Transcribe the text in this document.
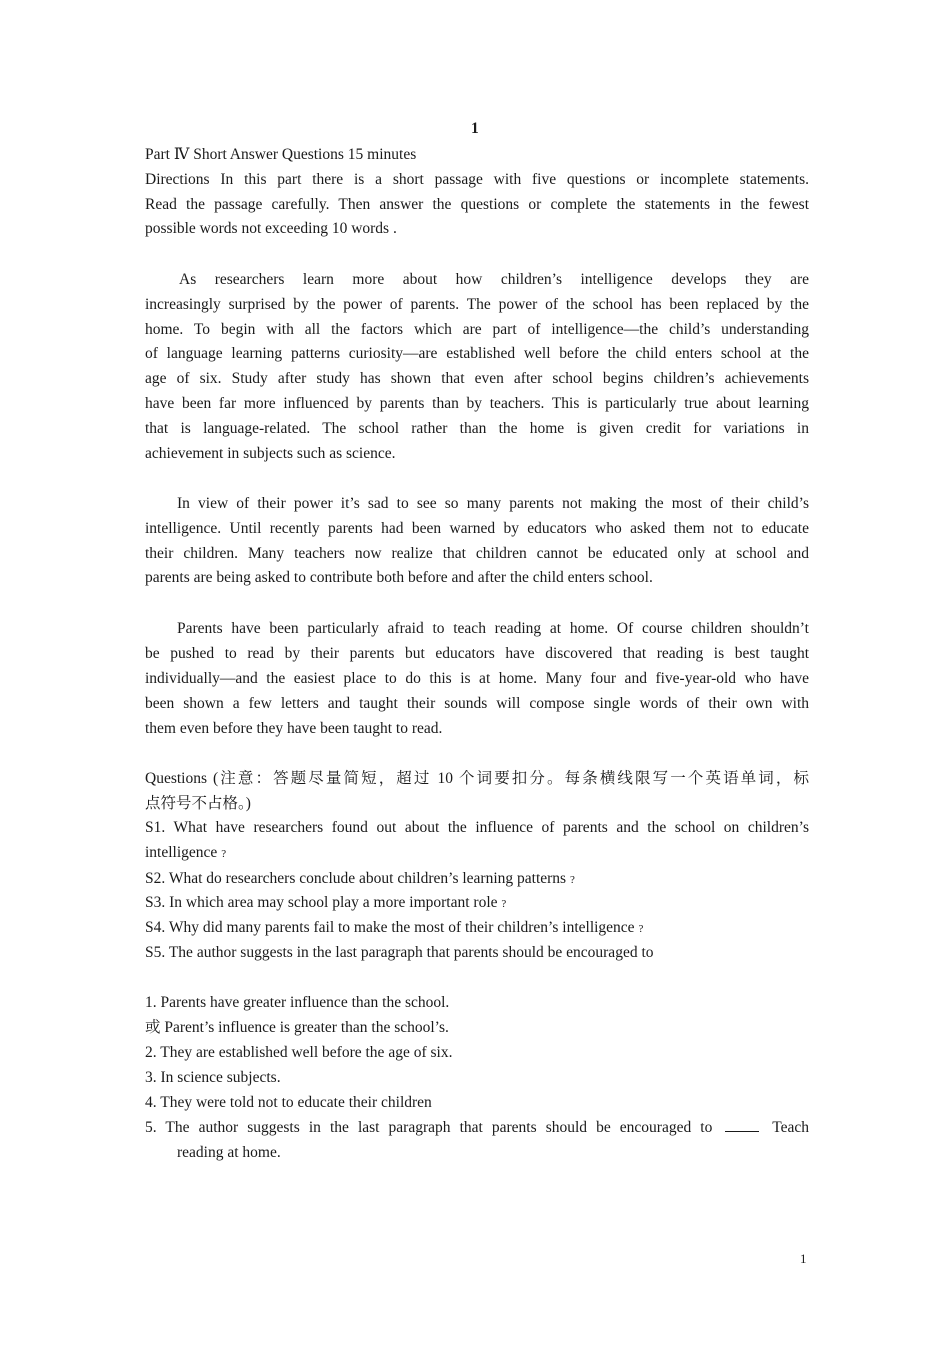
1
Part Ⅳ Short Answer Questions 15 minutes
Directions In this part there is a short passage with five questions or incomplete statements.
Read the passage carefully. Then answer the questions or complete the statements in the fewest
possible words not exceeding 10 words .
As researchers learn more about how children’s intelligence develops they are
increasingly surprised by the power of parents. The power of the school has been replaced by the
home. To begin with all the factors which are part of intelligence—the child’s understanding
of language learning patterns curiosity—are established well before the child enters school at the
age of six. Study after study has shown that even after school begins children’s achievements
have been far more influenced by parents than by teachers. This is particularly true about learning
that is language-related. The school rather than the home is given credit for variations in
achievement in subjects such as science.
In view of their power it’s sad to see so many parents not making the most of their child’s
intelligence. Until recently parents had been warned by educators who asked them not to educate
their children. Many teachers now realize that children cannot be educated only at school and
parents are being asked to contribute both before and after the child enters school.
Parents have been particularly afraid to teach reading at home. Of course children shouldn’t
be pushed to read by their parents but educators have discovered that reading is best taught
individually—and the easiest place to do this is at home. Many four and five-year-old who have
been shown a few letters and taught their sounds will compose single words of their own with
them even before they have been taught to read.
Questions (注意：答题尽量简短，超过 10 个词要扣分。每条横线限写一个英语单词，标
点符号不占格。)
S1. What have researchers found out about the influence of parents and the school on children’s
intelligence ?
S2. What do researchers conclude about children’s learning patterns ?
S3. In which area may school play a more important role ?
S4. Why did many parents fail to make the most of their children’s intelligence ?
S5. The author suggests in the last paragraph that parents should be encouraged to
1. Parents have greater influence than the school.
或 Parent’s influence is greater than the school’s.
2. They are established well before the age of six.
3. In science subjects.
4. They were told not to educate their children
5. The author suggests in the last paragraph that parents should be encouraged to	Teach
reading at home.
1
